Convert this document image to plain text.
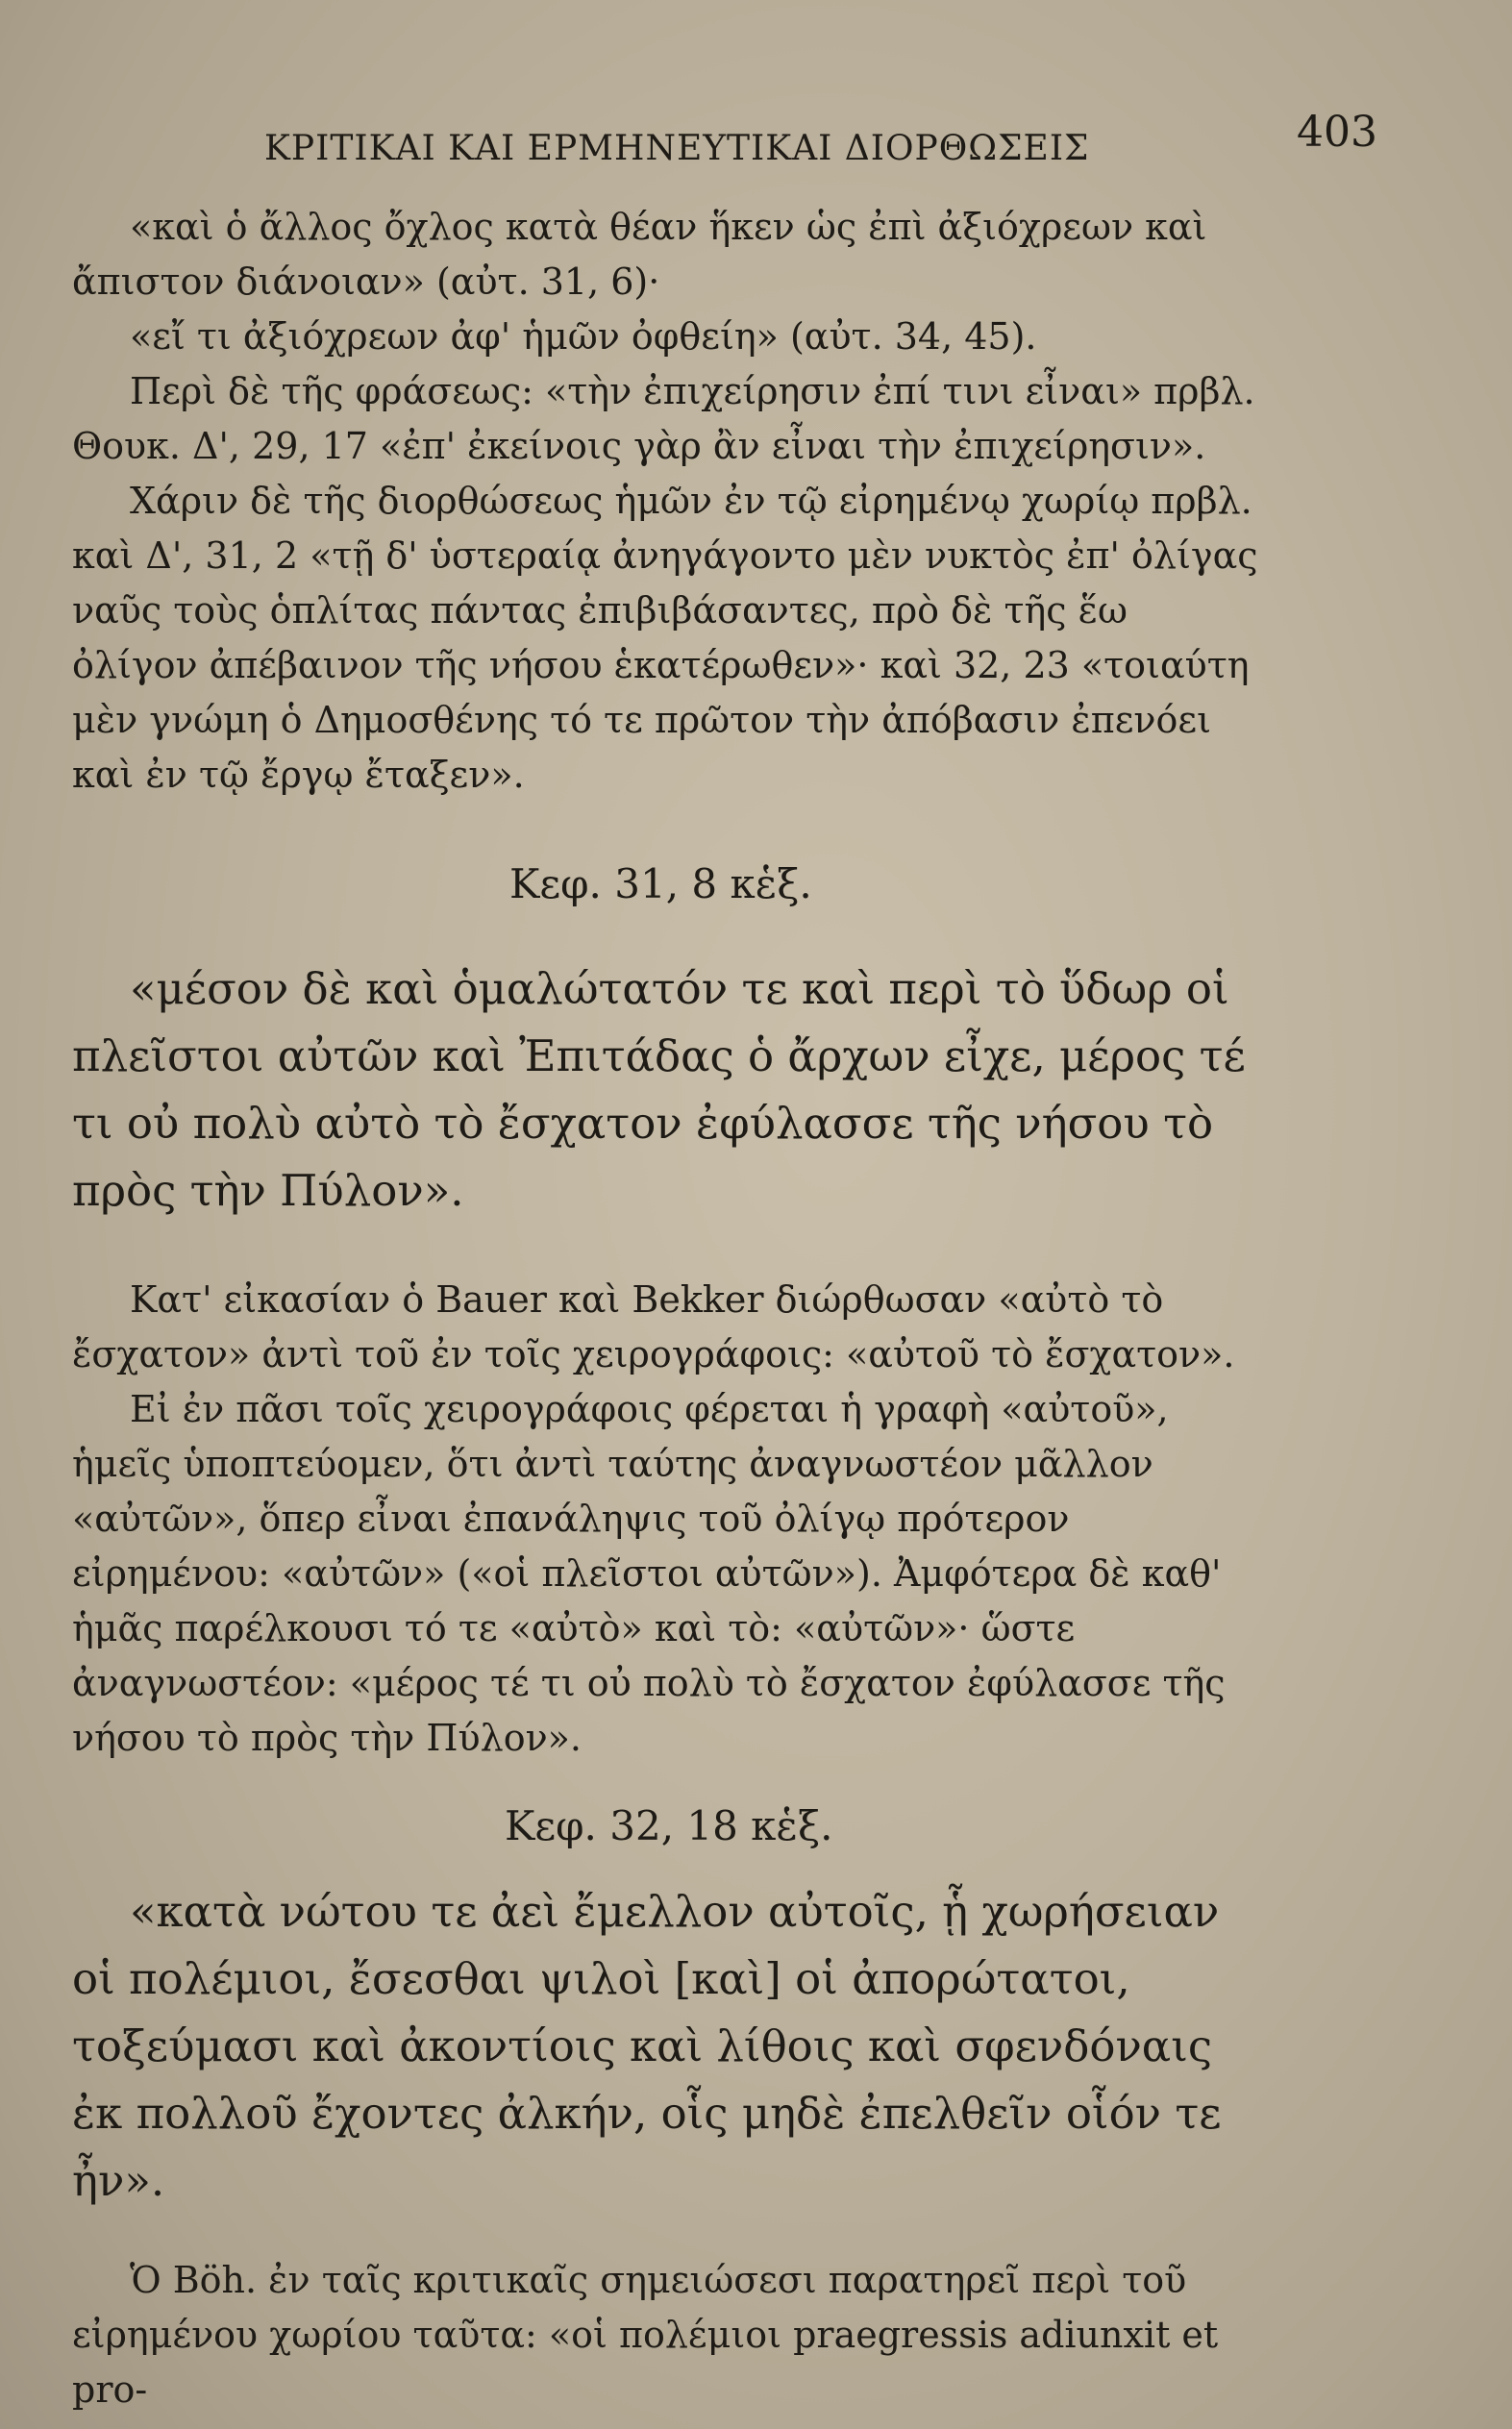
ΚΡΙΤΙΚΑΙ ΚΑΙ ΕΡΜΗΝΕΥΤΙΚΑΙ ΔΙΟΡΘΩΣΕΙΣ	403

«καὶ ὁ ἄλλος ὄχλος κατὰ θέαν ἥκεν ὡς ἐπὶ ἀξιόχρεων καὶ ἄπιστον διάνοιαν» (αὐτ. 31, 6)·

«εἴ τι ἀξιόχρεων ἀφ' ἡμῶν ὀφθείη» (αὐτ. 34, 45).

Περὶ δὲ τῆς φράσεως: «τὴν ἐπιχείρησιν ἐπί τινι εἶναι» πρβλ. Θουκ. Δ', 29, 17 «ἐπ' ἐκείνοις γὰρ ἂν εἶναι τὴν ἐπιχείρησιν».

Χάριν δὲ τῆς διορθώσεως ἡμῶν ἐν τῷ εἰρημένῳ χωρίῳ πρβλ. καὶ Δ', 31, 2 «τῇ δ' ὑστεραίᾳ ἀνηγάγοντο μὲν νυκτὸς ἐπ' ὀλίγας ναῦς τοὺς ὁπλίτας πάντας ἐπιβιβάσαντες, πρὸ δὲ τῆς ἕω ὀλίγον ἀπέβαινον τῆς νήσου ἑκατέρωθεν»· καὶ 32, 23 «τοιαύτη μὲν γνώμη ὁ Δημοσθένης τό τε πρῶτον τὴν ἀπόβασιν ἐπενόει καὶ ἐν τῷ ἔργῳ ἔταξεν».

Κεφ. 31, 8 κἑξ.

«μέσον δὲ καὶ ὁμαλώτατόν τε καὶ περὶ τὸ ὕδωρ οἱ πλεῖστοι αὐτῶν καὶ Ἐπιτάδας ὁ ἄρχων εἶχε, μέρος τέ τι οὐ πολὺ αὐτὸ τὸ ἔσχατον ἐφύλασσε τῆς νήσου τὸ πρὸς τὴν Πύλον».

Κατ' εἰκασίαν ὁ Bauer καὶ Bekker διώρθωσαν «αὐτὸ τὸ ἔσχατον» ἀντὶ τοῦ ἐν τοῖς χειρογράφοις: «αὐτοῦ τὸ ἔσχατον».

Εἰ ἐν πᾶσι τοῖς χειρογράφοις φέρεται ἡ γραφὴ «αὐτοῦ», ἡμεῖς ὑποπτεύομεν, ὅτι ἀντὶ ταύτης ἀναγνωστέον μᾶλλον «αὐτῶν», ὅπερ εἶναι ἐπανάληψις τοῦ ὀλίγῳ πρότερον εἰρημένου: «αὐτῶν» («οἱ πλεῖστοι αὐτῶν»). Ἀμφότερα δὲ καθ' ἡμᾶς παρέλκουσι τό τε «αὐτὸ» καὶ τὸ: «αὐτῶν»· ὥστε ἀναγνωστέον: «μέρος τέ τι οὐ πολὺ τὸ ἔσχατον ἐφύλασσε τῆς νήσου τὸ πρὸς τὴν Πύλον».

Κεφ. 32, 18 κἑξ.

«κατὰ νώτου τε ἀεὶ ἔμελλον αὐτοῖς, ᾗ χωρήσειαν οἱ πολέμιοι, ἔσεσθαι ψιλοὶ [καὶ] οἱ ἀπορώτατοι, τοξεύμασι καὶ ἀκοντίοις καὶ λίθοις καὶ σφενδόναις ἐκ πολλοῦ ἔχοντες ἀλκήν, οἷς μηδὲ ἐπελθεῖν οἷόν τε ἦν».

Ὁ Böh. ἐν ταῖς κριτικαῖς σημειώσεσι παρατηρεῖ περὶ τοῦ εἰρημένου χωρίου ταῦτα: «οἱ πολέμιοι praegressis adiunxit et pro-
